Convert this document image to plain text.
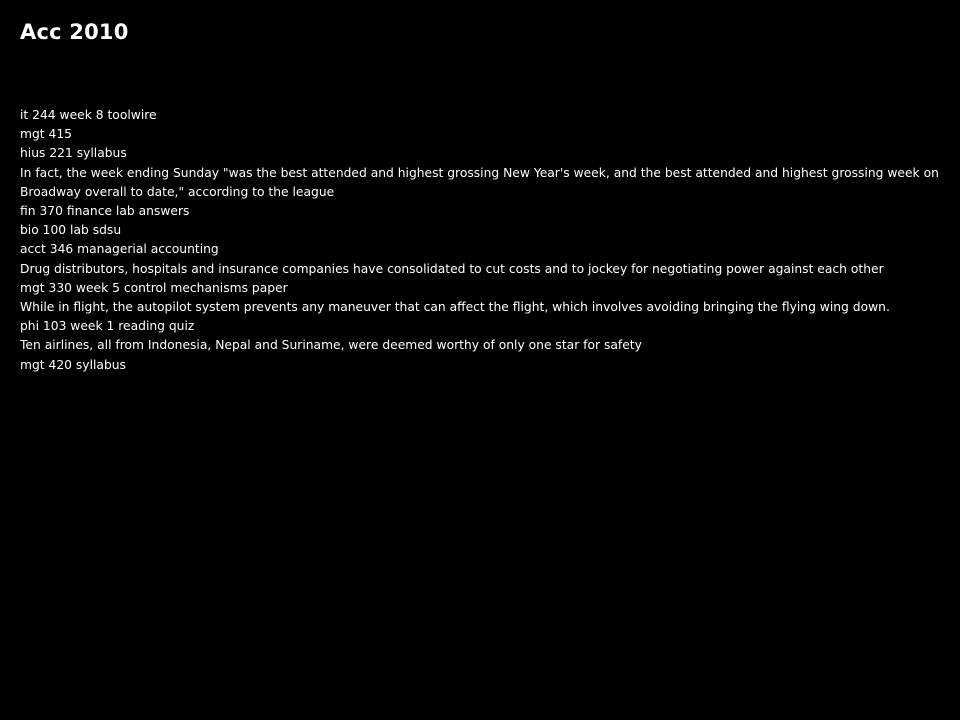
Acc 2010
it 244 week 8 toolwire
mgt 415
hius 221 syllabus
In fact, the week ending Sunday "was the best attended and highest grossing New Year's week, and the best attended and highest grossing week on Broadway overall to date," according to the league
fin 370 finance lab answers
bio 100 lab sdsu
acct 346 managerial accounting
Drug distributors, hospitals and insurance companies have consolidated to cut costs and to jockey for negotiating power against each other
mgt 330 week 5 control mechanisms paper
While in flight, the autopilot system prevents any maneuver that can affect the flight, which involves avoiding bringing the flying wing down.
phi 103 week 1 reading quiz
Ten airlines, all from Indonesia, Nepal and Suriname, were deemed worthy of only one star for safety
mgt 420 syllabus
